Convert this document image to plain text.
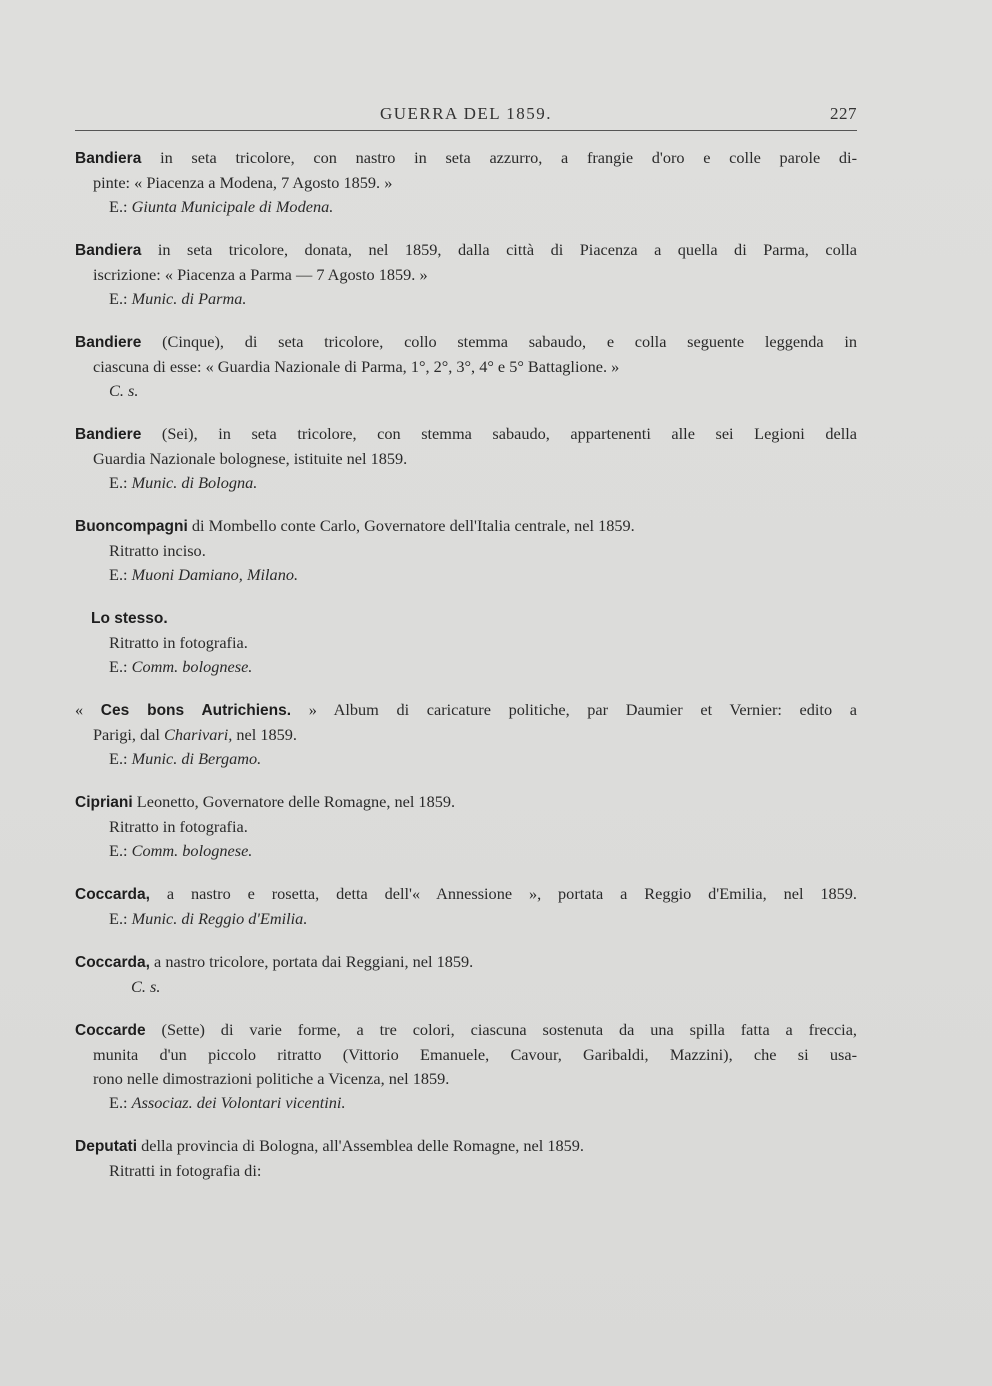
GUERRA DEL 1859.	227

Bandiera in seta tricolore, con nastro in seta azzurro, a frangie d'oro e colle parole di-

pinte: « Piacenza a Modena, 7 Agosto 1859. »

E.: Giunta Municipale di Modena.

Bandiera in seta tricolore, donata, nel 1859, dalla città di Piacenza a quella di Parma, colla

iscrizione: « Piacenza a Parma — 7 Agosto 1859. »

E.: Munic. di Parma.

Bandiere (Cinque), di seta tricolore, collo stemma sabaudo, e colla seguente leggenda in

ciascuna di esse: « Guardia Nazionale di Parma, 1°, 2°, 3°, 4° e 5° Battaglione. »

C. s.

Bandiere (Sei), in seta tricolore, con stemma sabaudo, appartenenti alle sei Legioni della

Guardia Nazionale bolognese, istituite nel 1859.

E.: Munic. di Bologna.

Buoncompagni di Mombello conte Carlo, Governatore dell'Italia centrale, nel 1859.

Ritratto inciso.

E.: Muoni Damiano, Milano.

Lo stesso.

Ritratto in fotografia.

E.: Comm. bolognese.

« Ces bons Autrichiens. » Album di caricature politiche, par Daumier et Vernier: edito a

Parigi, dal Charivari, nel 1859.

E.: Munic. di Bergamo.

Cipriani Leonetto, Governatore delle Romagne, nel 1859.

Ritratto in fotografia.

E.: Comm. bolognese.

Coccarda, a nastro e rosetta, detta dell'« Annessione », portata a Reggio d'Emilia, nel 1859.

E.: Munic. di Reggio d'Emilia.

Coccarda, a nastro tricolore, portata dai Reggiani, nel 1859.

C. s.

Coccarde (Sette) di varie forme, a tre colori, ciascuna sostenuta da una spilla fatta a freccia,

munita d'un piccolo ritratto (Vittorio Emanuele, Cavour, Garibaldi, Mazzini), che si usa-

rono nelle dimostrazioni politiche a Vicenza, nel 1859.

E.: Associaz. dei Volontari vicentini.

Deputati della provincia di Bologna, all'Assemblea delle Romagne, nel 1859.

Ritratti in fotografia di:
